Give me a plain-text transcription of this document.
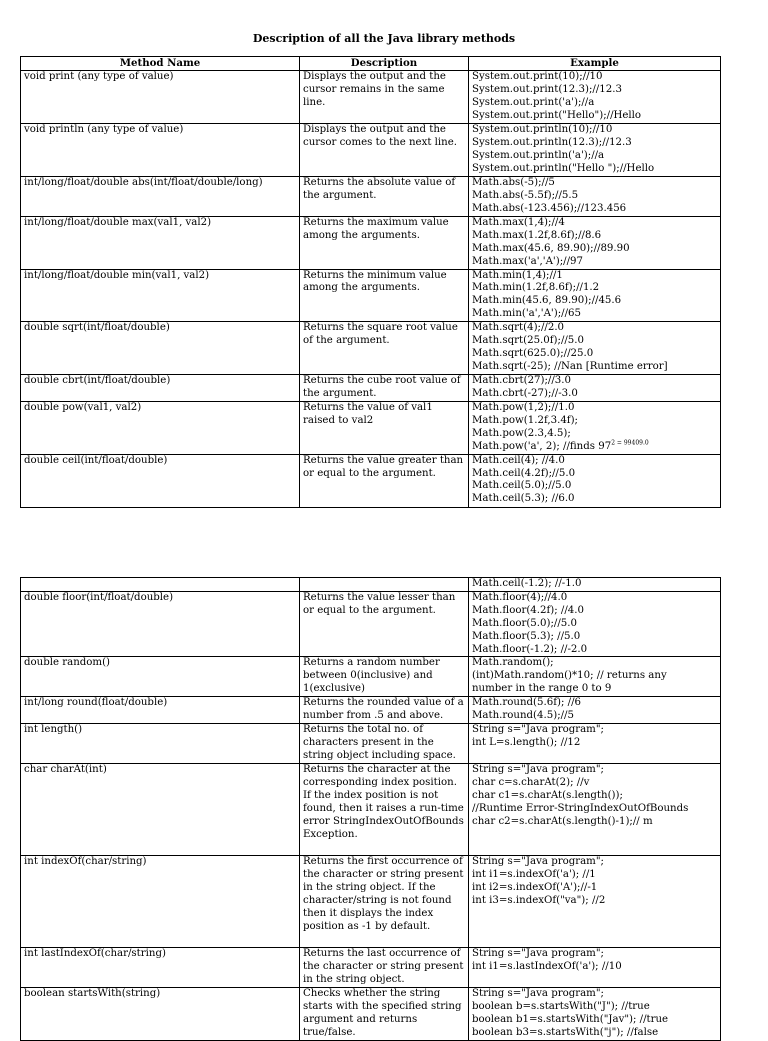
Description of all the Java library methods
Method Name	Description	Example
void print (any type of value)	Displays the output and the cursor remains in the same line.	System.out.print(10);//10
System.out.print(12.3);//12.3
System.out.print('a');//a
System.out.print("Hello");//Hello

void println (any type of value)	Displays the output and the cursor comes to the next line.	System.out.println(10);//10
System.out.println(12.3);//12.3
System.out.println('a');//a
System.out.println("Hello ");//Hello

int/long/float/double abs(int/float/double/long)	Returns the absolute value of the argument.	Math.abs(-5);//5
Math.abs(-5.5f);//5.5
Math.abs(-123.456);//123.456

int/long/float/double max(val1, val2)	Returns the maximum value among the arguments.	Math.max(1,4);//4
Math.max(1.2f,8.6f);//8.6
Math.max(45.6, 89.90);//89.90
Math.max('a','A');//97

int/long/float/double min(val1, val2)	Returns the minimum value among the arguments.	Math.min(1,4);//1
Math.min(1.2f,8.6f);//1.2
Math.min(45.6, 89.90);//45.6
Math.min('a','A');//65

double sqrt(int/float/double)	Returns the square root value of the argument.	Math.sqrt(4);//2.0
Math.sqrt(25.0f);//5.0
Math.sqrt(625.0);//25.0
Math.sqrt(-25); //Nan [Runtime error]

double cbrt(int/float/double)	Returns the cube root value of the argument.	Math.cbrt(27);//3.0
Math.cbrt(-27);//-3.0

double pow(val1, val2)	Returns the value of val1 raised to val2	Math.pow(1,2);//1.0
Math.pow(1.2f,3.4f);
Math.pow(2.3,4.5);
Math.pow('a', 2); //finds $97^{2 = 99409.0}$

double ceil(int/float/double)	Returns the value greater than or equal to the argument.	Math.ceil(4); //4.0
Math.ceil(4.2f);//5.0
Math.ceil(5.0);//5.0
Math.ceil(5.3); //6.0

		Math.ceil(-1.2); //-1.0

double floor(int/float/double)	Returns the value lesser than or equal to the argument.	Math.floor(4);//4.0
Math.floor(4.2f); //4.0
Math.floor(5.0);//5.0
Math.floor(5.3); //5.0
Math.floor(-1.2); //-2.0

double random()	Returns a random number between 0(inclusive) and 1(exclusive)	Math.random();
(int)Math.random()*10; // returns any
number in the range 0 to 9

int/long round(float/double)	Returns the rounded value of a number from .5 and above.	Math.round(5.6f); //6
Math.round(4.5);//5

int length()	Returns the total no. of characters present in the string object including space.	String s="Java program";
int L=s.length(); //12

char charAt(int)	Returns the character at the corresponding index position. If the index position is not found, then it raises a run-time error StringIndexOutOfBounds Exception.	String s="Java program";
char c=s.charAt(2); //v
char c1=s.charAt(s.length());
//Runtime Error-StringIndexOutOfBounds
char c2=s.charAt(s.length()-1);// m

int indexOf(char/string)	Returns the first occurrence of the character or string present in the string object. If the character/string is not found then it displays the index position as -1 by default.	String s="Java program";
int i1=s.indexOf('a'); //1
int i2=s.indexOf('A');//-1
int i3=s.indexOf("va"); //2

int lastIndexOf(char/string)	Returns the last occurrence of the character or string present in the string object.	String s="Java program";
int i1=s.lastIndexOf('a'); //10

boolean startsWith(string)	Checks whether the string starts with the specified string argument and returns true/false.	String s="Java program";
boolean b=s.startsWith("J"); //true
boolean b1=s.startsWith("Jav"); //true
boolean b3=s.startsWith("j"); //false
